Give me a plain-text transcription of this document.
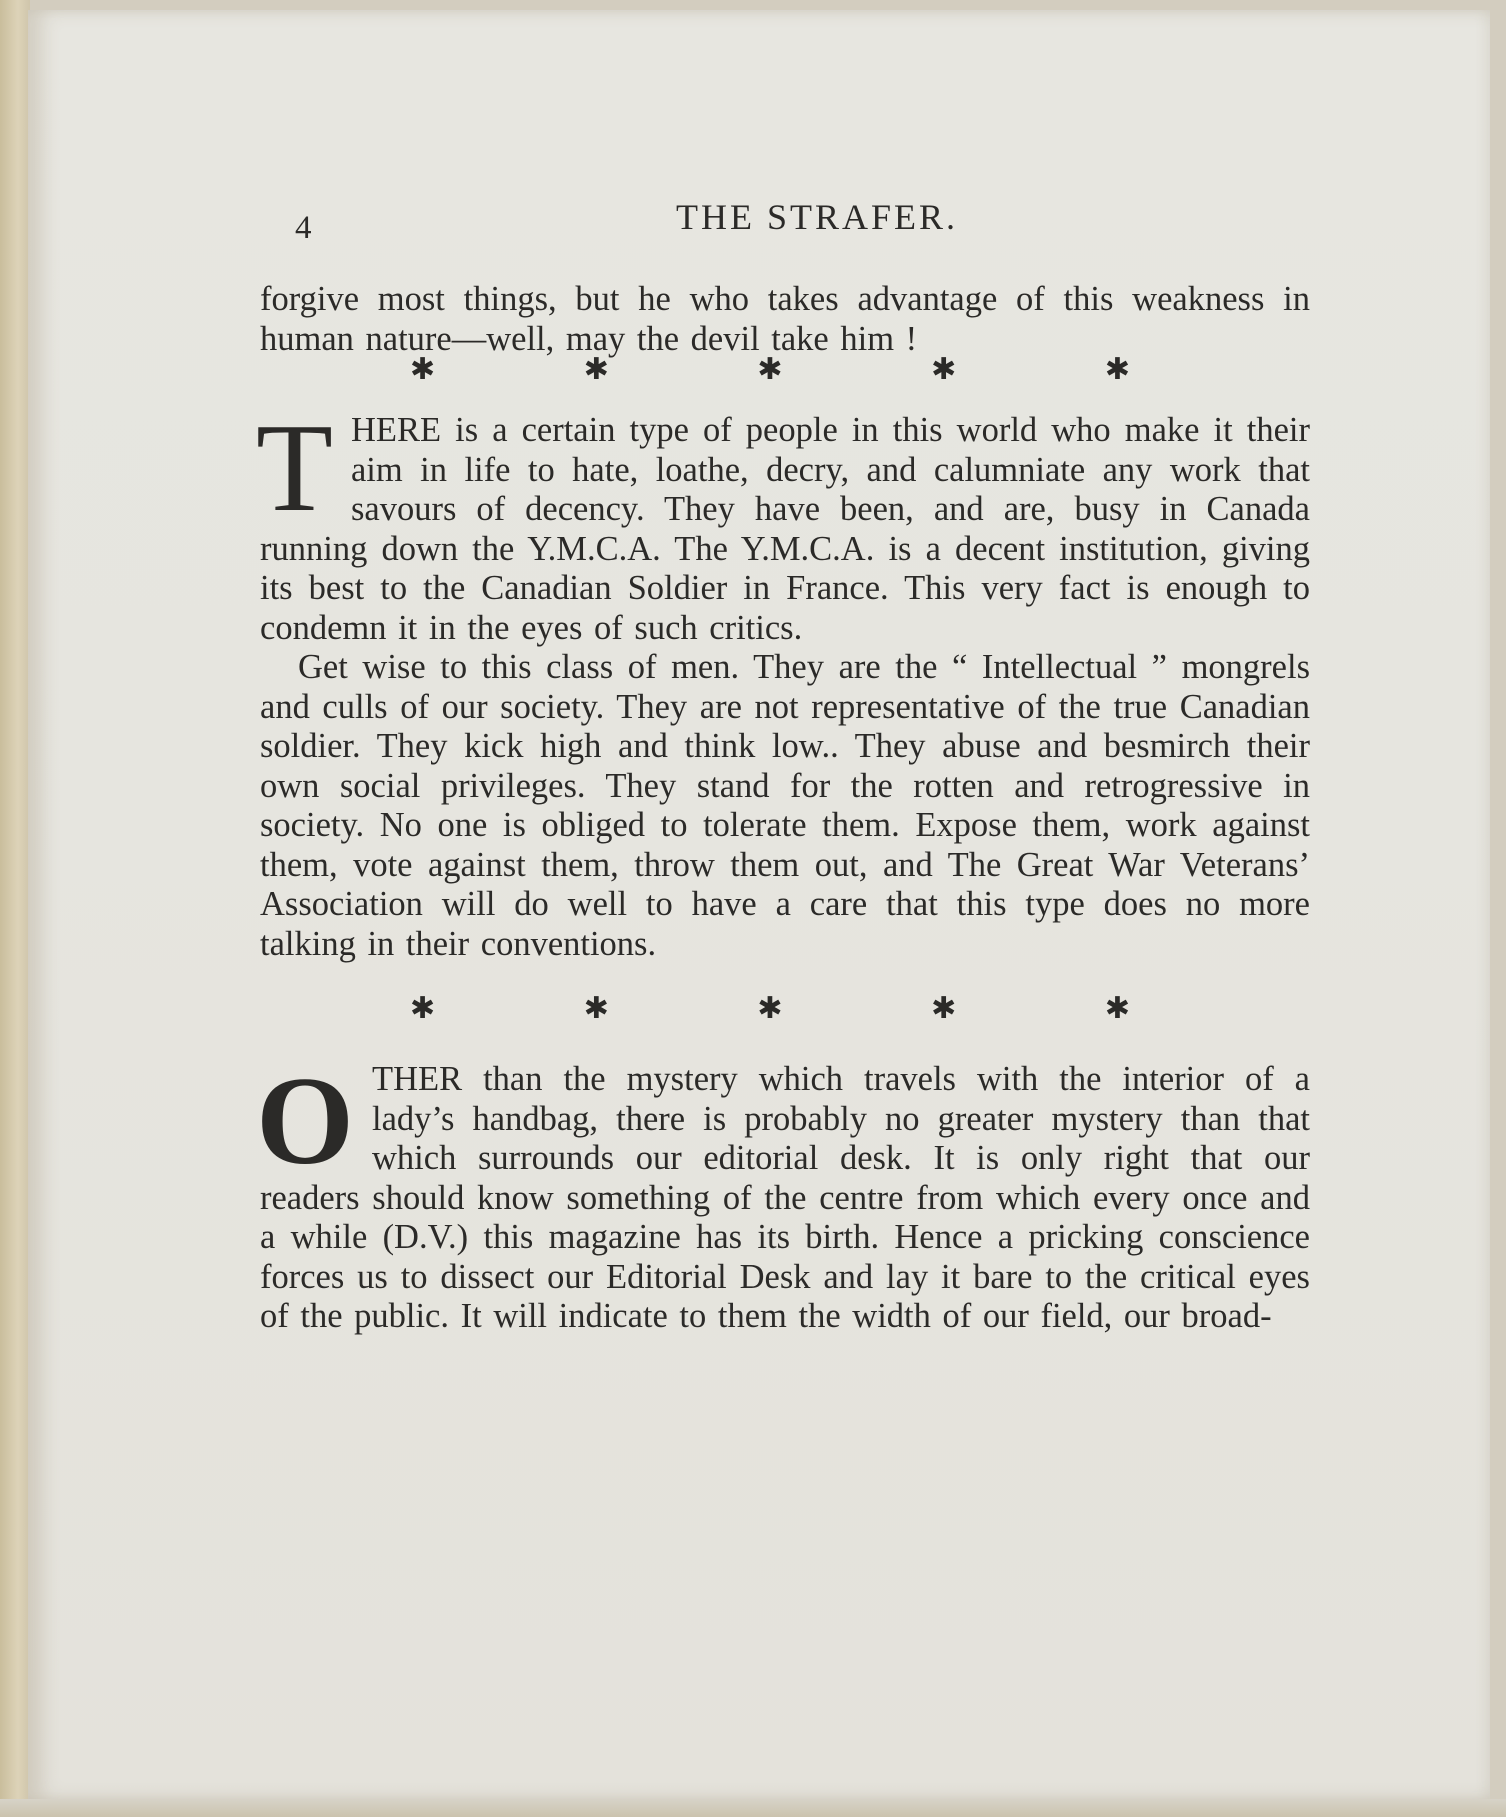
4	THE STRAFER.

forgive most things, but he who takes advantage of this weakness in human nature—well, may the devil take him !

✱	✱	✱	✱	✱
T HERE is a certain type of people in this world who make it their aim in life to hate, loathe, decry, and calumniate any work that savours of decency. They have been, and are, busy in Canada running down the Y.M.C.A. The Y.M.C.A. is a decent institution, giving its best to the Canadian Soldier in France. This very fact is enough to condemn it in the eyes of such critics.

Get wise to this class of men. They are the “ Intellectual ” mongrels and culls of our society. They are not representative of the true Canadian soldier. They kick high and think low.. They abuse and besmirch their own social privileges. They stand for the rotten and retrogressive in society. No one is obliged to tolerate them. Expose them, work against them, vote against them, throw them out, and The Great War Veterans’ Association will do well to have a care that this type does no more talking in their conventions.

✱	✱	✱	✱	✱
O THER than the mystery which travels with the interior of a lady’s handbag, there is probably no greater mystery than that which surrounds our editorial desk. It is only right that our readers should know something of the centre from which every once and a while (D.V.) this magazine has its birth. Hence a pricking conscience forces us to dissect our Editorial Desk and lay it bare to the critical eyes of the public. It will indicate to them the width of our field, our broad-
